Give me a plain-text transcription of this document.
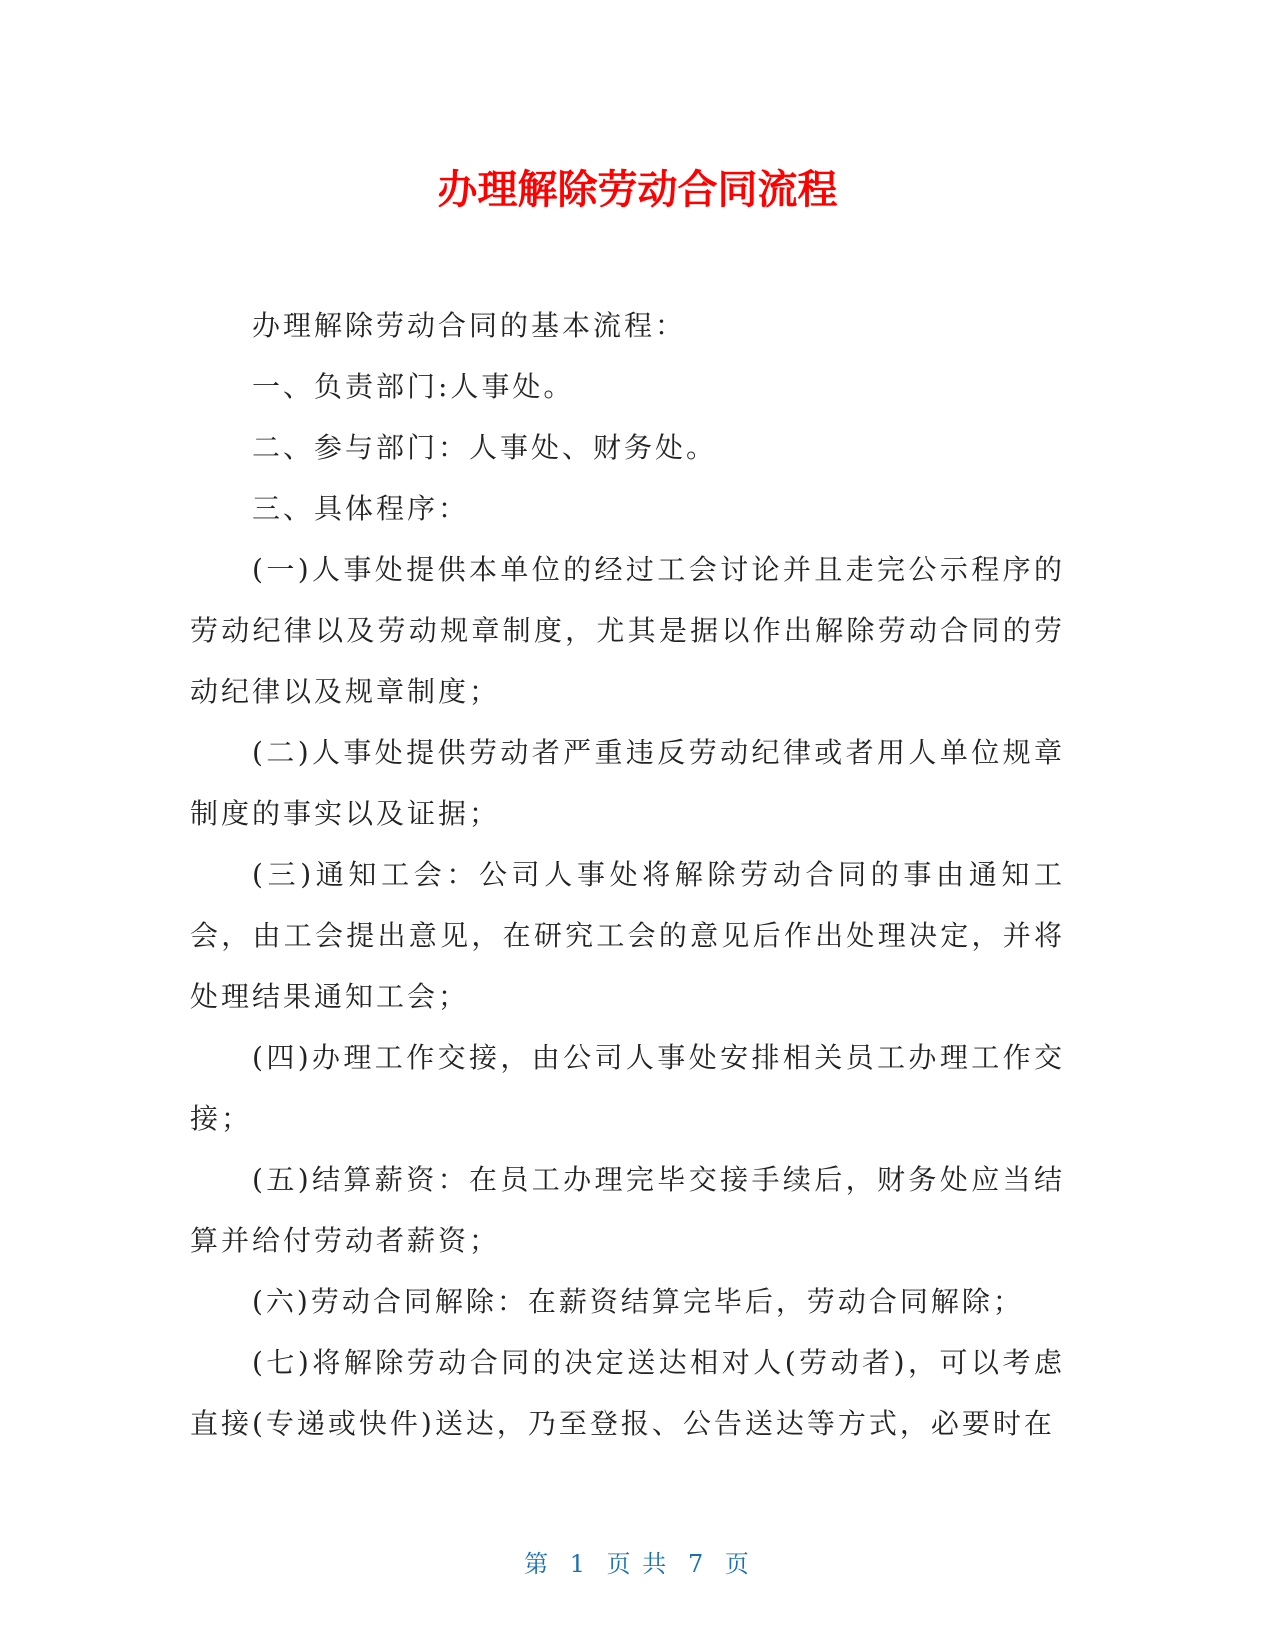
办理解除劳动合同流程

办理解除劳动合同的基本流程：

一、负责部门:人事处。

二、参与部门：人事处、财务处。

三、具体程序：

(一)人事处提供本单位的经过工会讨论并且走完公示程序的劳动纪律以及劳动规章制度，尤其是据以作出解除劳动合同的劳动纪律以及规章制度；

(二)人事处提供劳动者严重违反劳动纪律或者用人单位规章制度的事实以及证据；

(三)通知工会：公司人事处将解除劳动合同的事由通知工会，由工会提出意见，在研究工会的意见后作出处理决定，并将处理结果通知工会；

(四)办理工作交接，由公司人事处安排相关员工办理工作交接；

(五)结算薪资：在员工办理完毕交接手续后，财务处应当结算并给付劳动者薪资；

(六)劳动合同解除：在薪资结算完毕后，劳动合同解除；

(七)将解除劳动合同的决定送达相对人(劳动者)，可以考虑直接(专递或快件)送达，乃至登报、公告送达等方式，必要时在

第 1 页 共 7 页
